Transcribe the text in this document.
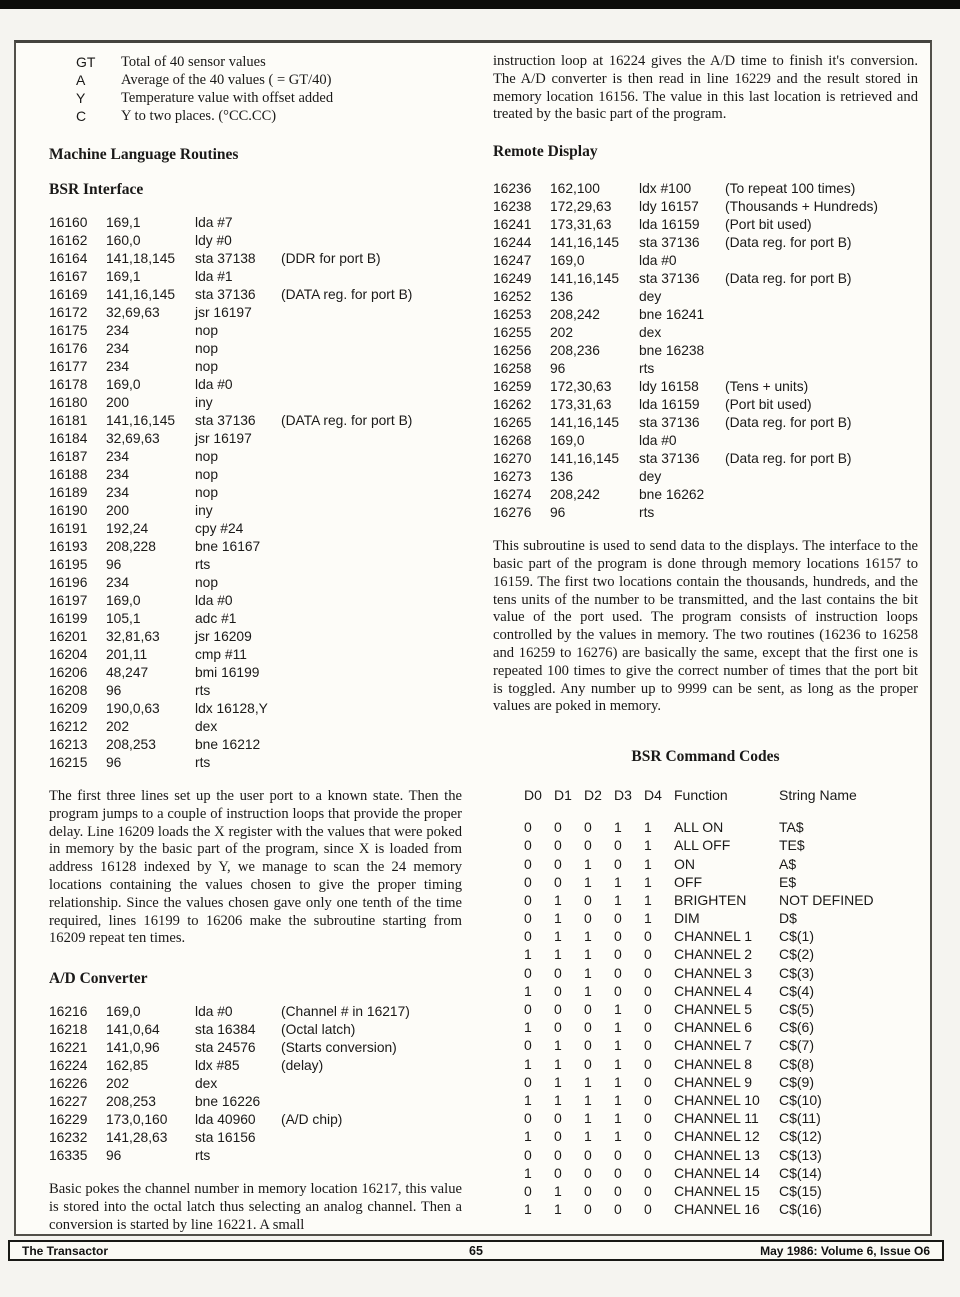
GT	Total of 40 sensor values
A	Average of the 40 values ( = GT/40)
Y	Temperature value with offset added
C	Y to two places. (°CC.CC)
Machine Language Routines
BSR Interface
16160	169,1	lda #7
16162	160,0	ldy #0
16164	141,18,145	sta 37138	(DDR for port B)
16167	169,1	lda #1
16169	141,16,145	sta 37136	(DATA reg. for port B)
16172	32,69,63	jsr 16197
16175	234	nop
16176	234	nop
16177	234	nop
16178	169,0	lda #0
16180	200	iny
16181	141,16,145	sta 37136	(DATA reg. for port B)
16184	32,69,63	jsr 16197
16187	234	nop
16188	234	nop
16189	234	nop
16190	200	iny
16191	192,24	cpy #24
16193	208,228	bne 16167
16195	96	rts
16196	234	nop
16197	169,0	lda #0
16199	105,1	adc #1
16201	32,81,63	jsr 16209
16204	201,11	cmp #11
16206	48,247	bmi 16199
16208	96	rts
16209	190,0,63	ldx 16128,Y
16212	202	dex
16213	208,253	bne 16212
16215	96	rts
The first three lines set up the user port to a known state. Then the program jumps to a couple of instruction loops that provide the proper delay. Line 16209 loads the X register with the values that were poked in memory by the basic part of the program, since X is loaded from address 16128 indexed by Y, we manage to scan the 24 memory locations containing the values chosen to give the proper timing relationship. Since the values chosen gave only one tenth of the time required, lines 16199 to 16206 make the subroutine starting from 16209 repeat ten times.
A/D Converter
16216	169,0	lda #0	(Channel # in 16217)
16218	141,0,64	sta 16384	(Octal latch)
16221	141,0,96	sta 24576	(Starts conversion)
16224	162,85	ldx #85	(delay)
16226	202	dex
16227	208,253	bne 16226
16229	173,0,160	lda 40960	(A/D chip)
16232	141,28,63	sta 16156
16335	96	rts
Basic pokes the channel number in memory location 16217, this value is stored into the octal latch thus selecting an analog channel. Then a conversion is started by line 16221. A small
instruction loop at 16224 gives the A/D time to finish it's conversion. The A/D converter is then read in line 16229 and the result stored in memory location 16156. The value in this last location is retrieved and treated by the basic part of the program.
Remote Display
16236	162,100	ldx #100	(To repeat 100 times)
16238	172,29,63	ldy 16157	(Thousands + Hundreds)
16241	173,31,63	lda 16159	(Port bit used)
16244	141,16,145	sta 37136	(Data reg. for port B)
16247	169,0	lda #0
16249	141,16,145	sta 37136	(Data reg. for port B)
16252	136	dey
16253	208,242	bne 16241
16255	202	dex
16256	208,236	bne 16238
16258	96	rts
16259	172,30,63	ldy 16158	(Tens + units)
16262	173,31,63	lda 16159	(Port bit used)
16265	141,16,145	sta 37136	(Data reg. for port B)
16268	169,0	lda #0
16270	141,16,145	sta 37136	(Data reg. for port B)
16273	136	dey
16274	208,242	bne 16262
16276	96	rts
This subroutine is used to send data to the displays. The interface to the basic part of the program is done through memory locations 16157 to 16159. The first two locations contain the thousands, hundreds, and the tens units of the number to be transmitted, and the last contains the bit value of the port used. The program consists of instruction loops controlled by the values in memory. The two routines (16236 to 16258 and 16259 to 16276) are basically the same, except that the first one is repeated 100 times to give the correct number of times that the port bit is toggled. Any number up to 9999 can be sent, as long as the proper values are poked in memory.
BSR Command Codes
D0 D1 D2 D3 D4 Function	String Name
0	0	0	1	1	ALL ON	TA$
0	0	0	0	1	ALL OFF	TE$
0	0	1	0	1	ON	A$
0	0	1	1	1	OFF	E$
0	1	0	1	1	BRIGHTEN	NOT DEFINED
0	1	0	0	1	DIM	D$
0	1	1	0	0	CHANNEL 1	C$(1)
1	1	1	0	0	CHANNEL 2	C$(2)
0	0	1	0	0	CHANNEL 3	C$(3)
1	0	1	0	0	CHANNEL 4	C$(4)
0	0	0	1	0	CHANNEL 5	C$(5)
1	0	0	1	0	CHANNEL 6	C$(6)
0	1	0	1	0	CHANNEL 7	C$(7)
1	1	0	1	0	CHANNEL 8	C$(8)
0	1	1	1	0	CHANNEL 9	C$(9)
1	1	1	1	0	CHANNEL 10	C$(10)
0	0	1	1	0	CHANNEL 11	C$(11)
1	0	1	1	0	CHANNEL 12	C$(12)
0	0	0	0	0	CHANNEL 13	C$(13)
1	0	0	0	0	CHANNEL 14	C$(14)
0	1	0	0	0	CHANNEL 15	C$(15)
1	1	0	0	0	CHANNEL 16	C$(16)
The Transactor	65	May 1986: Volume 6, Issue O6
